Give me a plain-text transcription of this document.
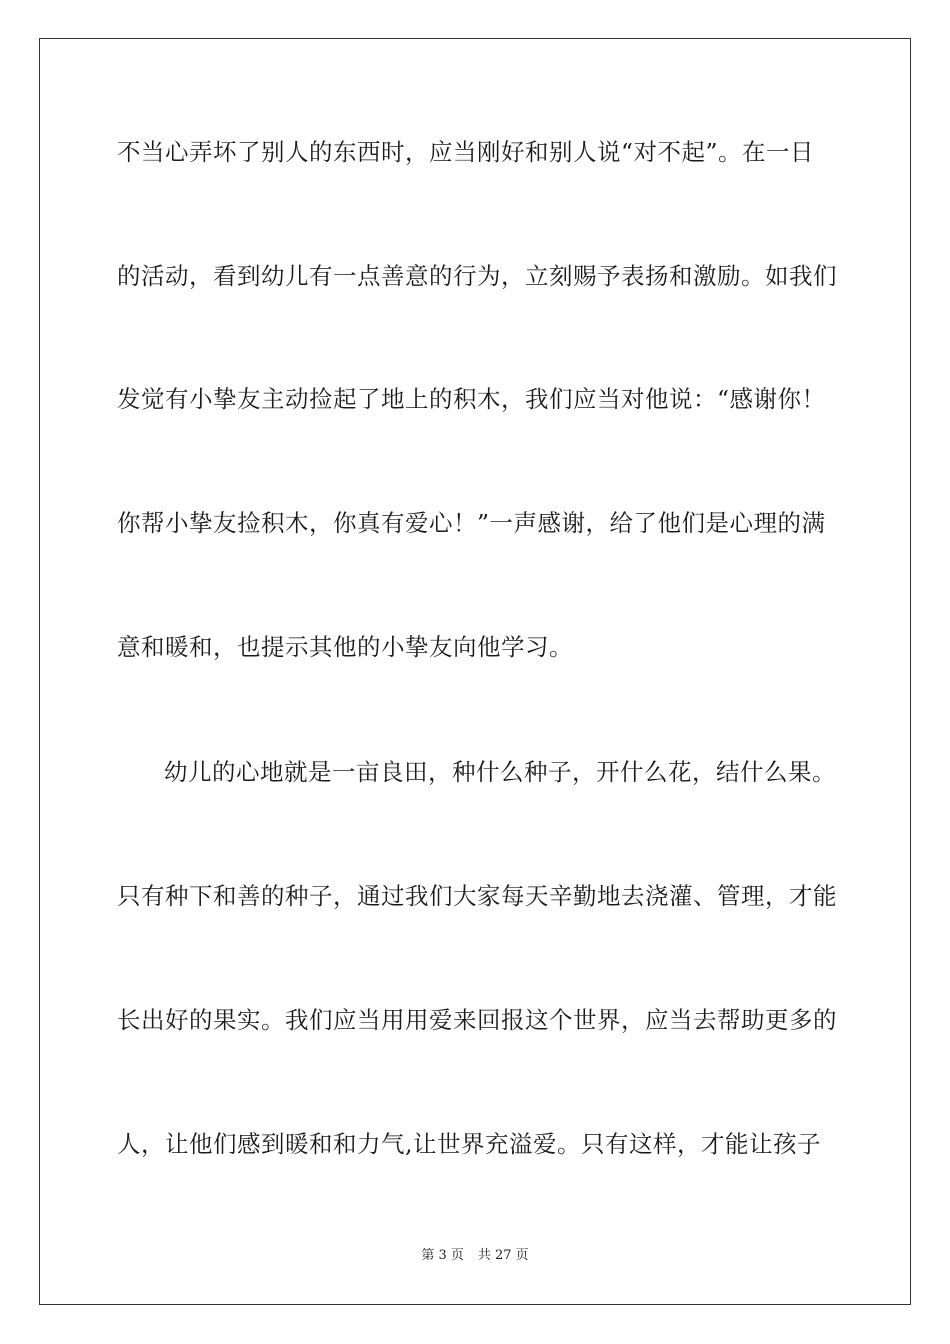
不当心弄坏了别人的东西时，应当刚好和别人说“对不起”。在一日
的活动，看到幼儿有一点善意的行为，立刻赐予表扬和激励。如我们
发觉有小挚友主动捡起了地上的积木，我们应当对他说：“感谢你！
你帮小挚友捡积木，你真有爱心！”一声感谢，给了他们是心理的满
意和暖和，也提示其他的小挚友向他学习。
幼儿的心地就是一亩良田，种什么种子，开什么花，结什么果。
只有种下和善的种子，通过我们大家每天辛勤地去浇灌、管理，才能
长出好的果实。我们应当用用爱来回报这个世界，应当去帮助更多的
人，让他们感到暖和和力气,让世界充溢爱。只有这样，才能让孩子
第 3 页 共 27 页
